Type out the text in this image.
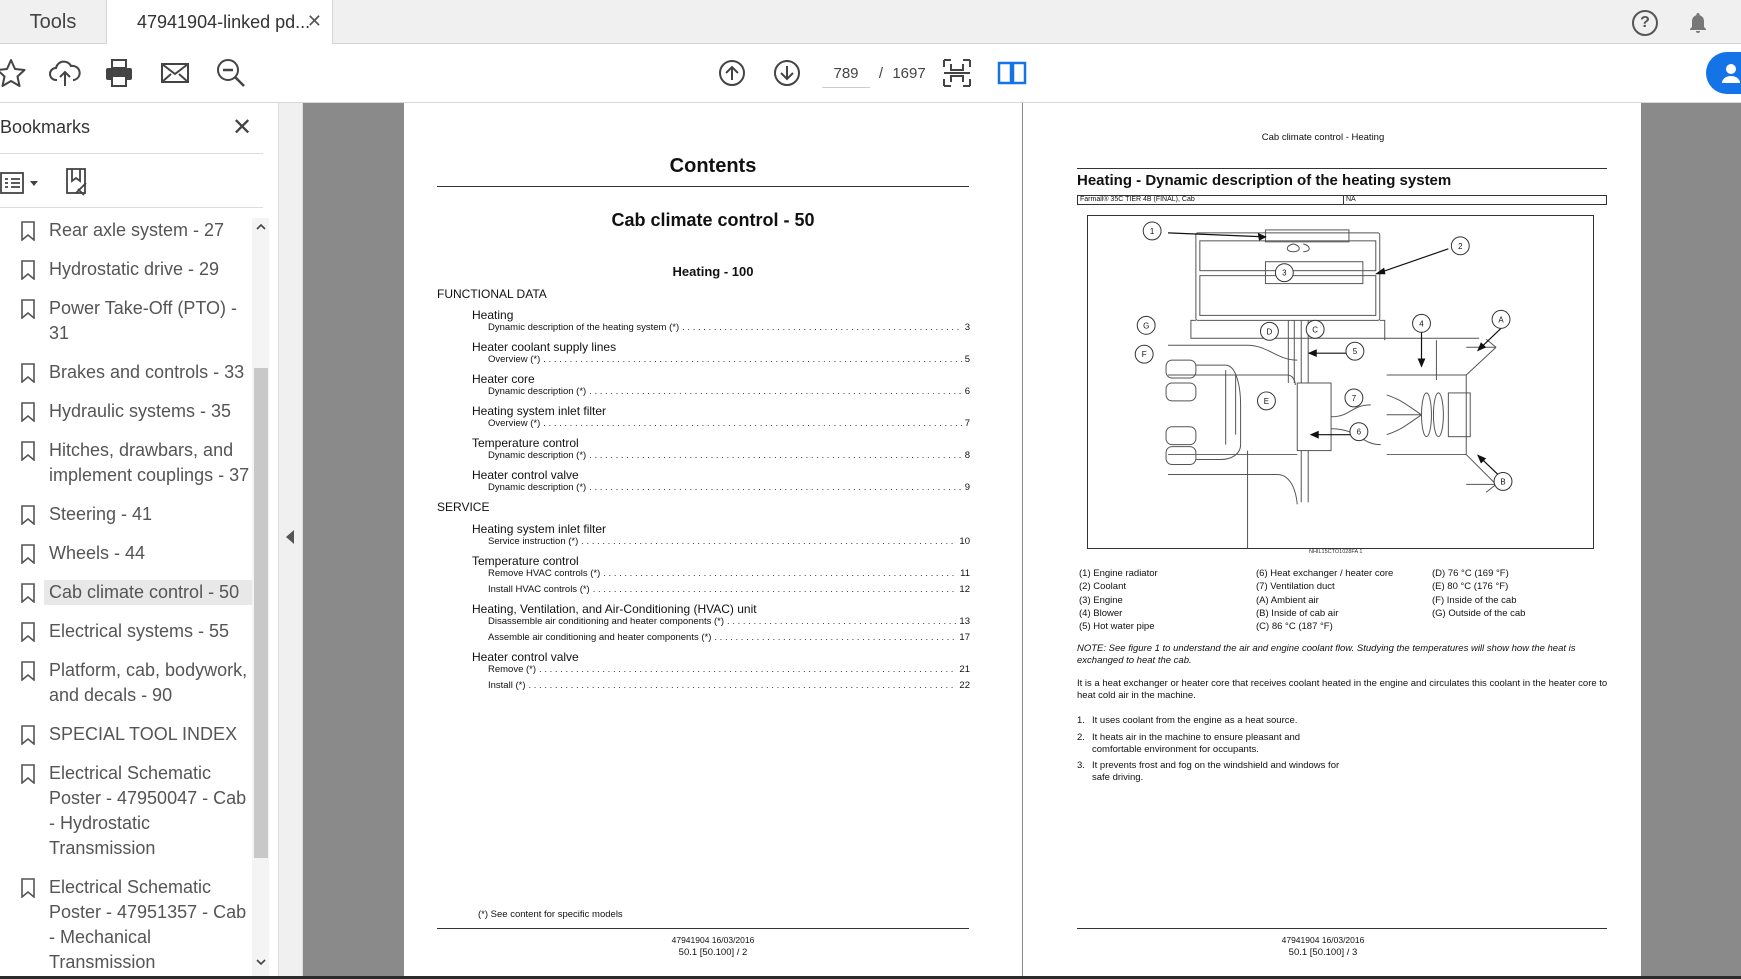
Tools	47941904-linked pd...
✕	?
789	/ 1697
Bookmarks	✕
Rear axle system - 27
Hydrostatic drive - 29
Power Take-Off (PTO) - 31
Brakes and controls - 33
Hydraulic systems - 35
Hitches, drawbars, and implement couplings - 37
Steering - 41
Wheels - 44
Cab climate control - 50
Electrical systems - 55
Platform, cab, bodywork, and decals - 90
SPECIAL TOOL INDEX
Electrical Schematic Poster - 47950047 - Cab - Hydrostatic Transmission
Electrical Schematic Poster - 47951357 - Cab - Mechanical Transmission
Contents
Cab climate control - 50
Heating - 100
(*) See content for specific models
47941904 16/03/2016
50.1 [50.100] / 2
FUNCTIONAL DATA
Heating
Dynamic description of the heating system (*) . . .	3
Heater coolant supply lines
Overview (*) . . .	5
Heater core
Dynamic description (*) . . .	6
Heating system inlet filter
Overview (*) . . .	7
Temperature control
Dynamic description (*) . . .	8
Heater control valve
Dynamic description (*) . . .	9
SERVICE
Heating system inlet filter
Service instruction (*) . . .	10
Temperature control
Remove HVAC controls (*) . . .	11
Install HVAC controls (*) . . .	12
Heating, Ventilation, and Air-Conditioning (HVAC) unit
Disassemble air conditioning and heater components (*) . . .	13
Assemble air conditioning and heater components (*) . . .	17
Heater control valve
Remove (*) . . .	21
Install (*) . . .	22
Cab climate control - Heating
Heating - Dynamic description of the heating system
Farmall® 35C TIER 4B (FINAL), Cab	NA
1
2
3
4
5
6
7
A
B
C
D
E
F
G
NHIL15CTO1028FA 1
(1) Engine radiator
(2) Coolant
(3) Engine
(4) Blower
(5) Hot water pipe
(6) Heat exchanger / heater core
(7) Ventilation duct
(A) Ambient air
(B) Inside of cab air
(C) 86 °C (187 °F)
(D) 76 °C (169 °F)
(E) 80 °C (176 °F)
(F) Inside of the cab
(G) Outside of the cab
NOTE: See figure 1 to understand the air and engine coolant flow. Studying the temperatures will show how the heat is exchanged to heat the cab.
It is a heat exchanger or heater core that receives coolant heated in the engine and circulates this coolant in the heater core to heat cold air in the machine.
1. It uses coolant from the engine as a heat source.
2. It heats air in the machine to ensure pleasant and comfortable environment for occupants.
3. It prevents frost and fog on the windshield and windows for safe driving.
47941904 16/03/2016
50.1 [50.100] / 3
